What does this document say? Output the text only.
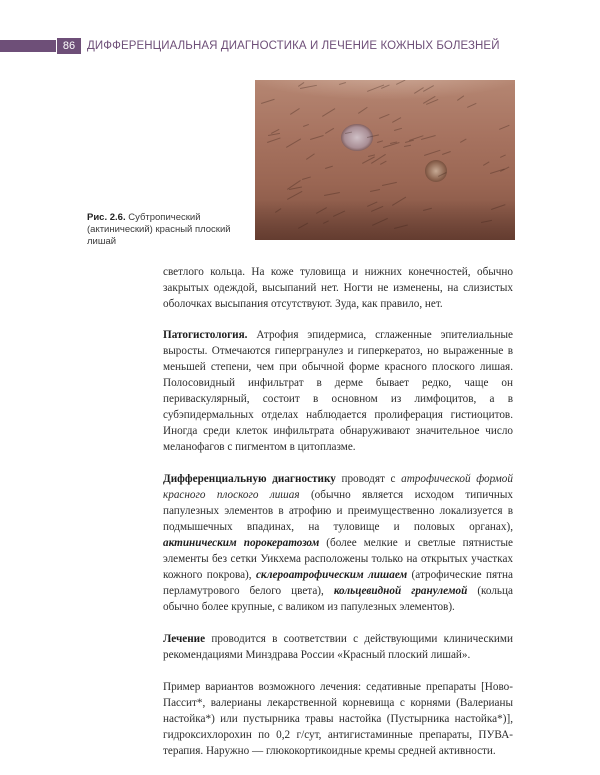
86	ДИФФЕРЕНЦИАЛЬНАЯ ДИАГНОСТИКА И ЛЕЧЕНИЕ КОЖНЫХ БОЛЕЗНЕЙ
Рис. 2.6. Субтропический (актинический) красный плоский лишай

светлого кольца. На коже туловища и нижних конечностей, обычно закрытых одеждой, высыпаний нет. Ногти не изменены, на слизистых оболочках высыпания отсутствуют. Зуда, как правило, нет.

Патогистология. Атрофия эпидермиса, сглаженные эпителиальные выросты. Отмечаются гипергранулез и гиперкератоз, но выраженные в меньшей степени, чем при обычной форме красного плоского лишая. Полосовидный инфильтрат в дерме бывает редко, чаще он периваскулярный, состоит в основном из лимфоцитов, а в субэпидермальных отделах наблюдается пролиферация гистиоцитов. Иногда среди клеток инфильтрата обнаруживают значительное число меланофагов с пигментом в цитоплазме.

Дифференциальную диагностику проводят с атрофической формой красного плоского лишая (обычно является исходом типичных папулезных элементов в атрофию и преимущественно локализуется в подмышечных впадинах, на туловище и половых органах), актиническим порокератозом (более мелкие и светлые пятнистые элементы без сетки Уикхема расположены только на открытых участках кожного покрова), склероатрофическим лишаем (атрофические пятна перламутрового белого цвета), кольцевидной гранулемой (кольца обычно более крупные, с валиком из папулезных элементов).

Лечение проводится в соответствии с действующими клиническими рекомендациями Минздрава России «Красный плоский лишай».

Пример вариантов возможного лечения: седативные препараты [Ново-Пассит*, валерианы лекарственной корневища с корнями (Валерианы настойка*) или пустырника травы настойка (Пустырника настойка*)], гидроксихлорохин по 0,2 г/сут, антигистаминные препараты, ПУВА-терапия. Наружно — глюкокортикоидные кремы средней активности.
